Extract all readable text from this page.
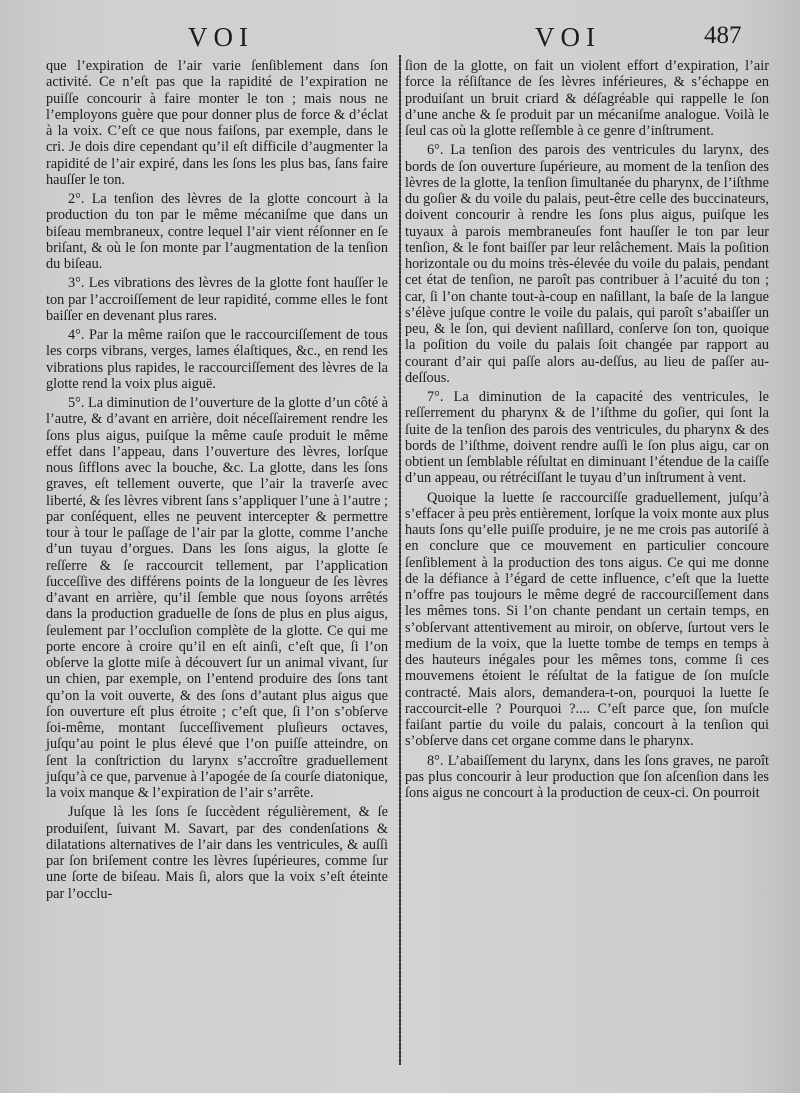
VOI	VOI	487

que l’expiration de l’air varie ſenſiblement dans ſon activité. Ce n’eſt pas que la rapidité de l’expiration ne puiſſe concourir à faire monter le ton ; mais nous ne l’employons guère que pour donner plus de force & d’éclat à la voix. C’eſt ce que nous faiſons, par exemple, dans le cri. Je dois dire cependant qu’il eſt difficile d’augmenter la rapidité de l’air expiré, dans les ſons les plus bas, ſans faire hauſſer le ton.

2°. La tenſion des lèvres de la glotte concourt à la production du ton par le même mécaniſme que dans un biſeau membraneux, contre lequel l’air vient réſonner en ſe briſant, & où le ſon monte par l’augmentation de la tenſion du biſeau.

3°. Les vibrations des lèvres de la glotte font hauſſer le ton par l’accroiſſement de leur rapidité, comme elles le font baiſſer en devenant plus rares.

4°. Par la même raiſon que le raccourciſſement de tous les corps vibrans, verges, lames élaſtiques, &c., en rend les vibrations plus rapides, le raccourciſſement des lèvres de la glotte rend la voix plus aiguë.

5°. La diminution de l’ouverture de la glotte d’un côté à l’autre, & d’avant en arrière, doit néceſſairement rendre les ſons plus aigus, puiſque la même cauſe produit le même effet dans l’appeau, dans l’ouverture des lèvres, lorſque nous ſifflons avec la bouche, &c. La glotte, dans les ſons graves, eſt tellement ouverte, que l’air la traverſe avec liberté, & ſes lèvres vibrent ſans s’appliquer l’une à l’autre ; par conſéquent, elles ne peuvent intercepter & permettre tour à tour le paſſage de l’air par la glotte, comme l’anche d’un tuyau d’orgues. Dans les ſons aigus, la glotte ſe reſſerre & ſe raccourcit tellement, par l’application ſucceſſive des différens points de la longueur de ſes lèvres d’avant en arrière, qu’il ſemble que nous ſoyons arrêtés dans la production graduelle de ſons de plus en plus aigus, ſeulement par l’occluſion complète de la glotte. Ce qui me porte encore à croire qu’il en eſt ainſi, c’eſt que, ſi l’on obſerve la glotte miſe à découvert ſur un animal vivant, ſur un chien, par exemple, on l’entend produire des ſons tant qu’on la voit ouverte, & des ſons d’autant plus aigus que ſon ouverture eſt plus étroite ; c’eſt que, ſi l’on s’obſerve ſoi-même, montant ſucceſſivement pluſieurs octaves, juſqu’au point le plus élevé que l’on puiſſe atteindre, on ſent la conſtriction du larynx s’accroître graduellement juſqu’à ce que, parvenue à l’apogée de ſa courſe diatonique, la voix manque & l’expiration de l’air s’arrête.

Juſque là les ſons ſe ſuccèdent régulièrement, & ſe produiſent, ſuivant M. Savart, par des condenſations & dilatations alternatives de l’air dans les ventricules, & auſſi par ſon briſement contre les lèvres ſupérieures, comme ſur une ſorte de biſeau. Mais ſi, alors que la voix s’eſt éteinte par l’occlu-

ſion de la glotte, on fait un violent effort d’expiration, l’air force la réſiſtance de ſes lèvres inférieures, & s’échappe en produiſant un bruit criard & déſagréable qui rappelle le ſon d’une anche & ſe produit par un mécaniſme analogue. Voilà le ſeul cas où la glotte reſſemble à ce genre d’inſtrument.

6°. La tenſion des parois des ventricules du larynx, des bords de ſon ouverture ſupérieure, au moment de la tenſion des lèvres de la glotte, la tenſion ſimultanée du pharynx, de l’iſthme du goſier & du voile du palais, peut-être celle des buccinateurs, doivent concourir à rendre les ſons plus aigus, puiſque les tuyaux à parois membraneuſes font hauſſer le ton par leur tenſion, & le font baiſſer par leur relâchement. Mais la poſition horizontale ou du moins très-élevée du voile du palais, pendant cet état de tenſion, ne paroît pas contribuer à l’acuité du ton ; car, ſi l’on chante tout-à-coup en naſillant, la baſe de la langue s’élève juſque contre le voile du palais, qui paroît s’abaiſſer un peu, & le ſon, qui devient naſillard, conſerve ſon ton, quoique la poſition du voile du palais ſoit changée par rapport au courant d’air qui paſſe alors au-deſſus, au lieu de paſſer au-deſſous.

7°. La diminution de la capacité des ventricules, le reſſerrement du pharynx & de l’iſthme du goſier, qui ſont la ſuite de la tenſion des parois des ventricules, du pharynx & des bords de l’iſthme, doivent rendre auſſi le ſon plus aigu, car on obtient un ſemblable réſultat en diminuant l’étendue de la caiſſe d’un appeau, ou rétréciſſant le tuyau d’un inſtrument à vent.

Quoique la luette ſe raccourciſſe graduellement, juſqu’à s’effacer à peu près entièrement, lorſque la voix monte aux plus hauts ſons qu’elle puiſſe produire, je ne me crois pas autoriſé à en conclure que ce mouvement en particulier concoure ſenſiblement à la production des tons aigus. Ce qui me donne de la défiance à l’égard de cette influence, c’eſt que la luette n’offre pas toujours le même degré de raccourciſſement dans les mêmes tons. Si l’on chante pendant un certain temps, en s’obſervant attentivement au miroir, on obſerve, ſurtout vers le medium de la voix, que la luette tombe de temps en temps à des hauteurs inégales pour les mêmes tons, comme ſi ces mouvemens étoient le réſultat de la fatigue de ſon muſcle contracté. Mais alors, demandera-t-on, pourquoi la luette ſe raccourcit-elle ? Pourquoi ?.... C’eſt parce que, ſon muſcle faiſant partie du voile du palais, concourt à la tenſion qui s’obſerve dans cet organe comme dans le pharynx.

8°. L’abaiſſement du larynx, dans les ſons graves, ne paroît pas plus concourir à leur production que ſon aſcenſion dans les ſons aigus ne concourt à la production de ceux-ci. On pourroit
